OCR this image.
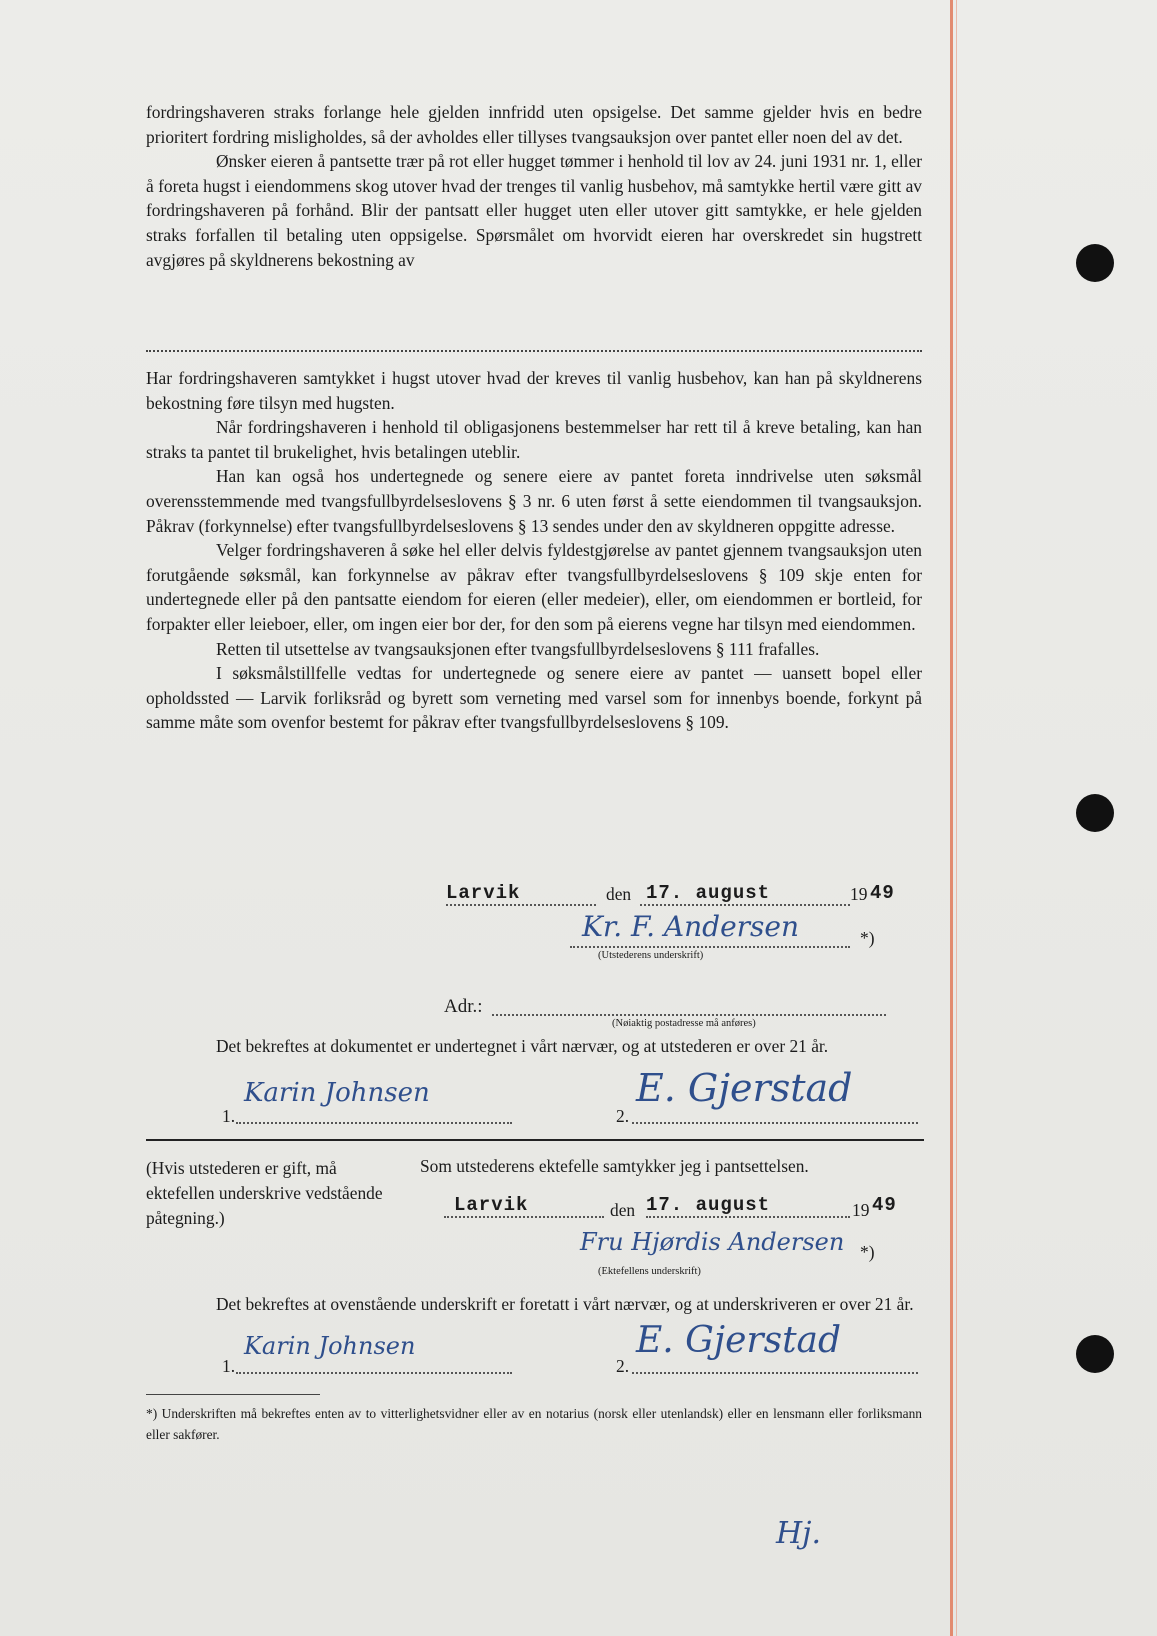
fordringshaveren straks forlange hele gjelden innfridd uten opsigelse. Det samme gjelder hvis en bedre prioritert fordring misligholdes, så der avholdes eller tillyses tvangsauksjon over pantet eller noen del av det.

Ønsker eieren å pantsette trær på rot eller hugget tømmer i henhold til lov av 24. juni 1931 nr. 1, eller å foreta hugst i eiendommens skog utover hvad der trenges til vanlig husbehov, må samtykke hertil være gitt av fordringshaveren på forhånd. Blir der pantsatt eller hugget uten eller utover gitt samtykke, er hele gjelden straks forfallen til betaling uten oppsigelse. Spørsmålet om hvorvidt eieren har overskredet sin hugstrett avgjøres på skyldnerens bekostning av

Har fordringshaveren samtykket i hugst utover hvad der kreves til vanlig husbehov, kan han på skyldnerens bekostning føre tilsyn med hugsten.

Når fordringshaveren i henhold til obligasjonens bestemmelser har rett til å kreve betaling, kan han straks ta pantet til brukelighet, hvis betalingen uteblir.

Han kan også hos undertegnede og senere eiere av pantet foreta inndrivelse uten søksmål overensstemmende med tvangsfullbyrdelseslovens § 3 nr. 6 uten først å sette eiendommen til tvangsauksjon. Påkrav (forkynnelse) efter tvangsfullbyrdelseslovens § 13 sendes under den av skyldneren oppgitte adresse.

Velger fordringshaveren å søke hel eller delvis fyldestgjørelse av pantet gjennem tvangsauksjon uten forutgående søksmål, kan forkynnelse av påkrav efter tvangsfullbyrdelseslovens § 109 skje enten for undertegnede eller på den pantsatte eiendom for eieren (eller medeier), eller, om eiendommen er bortleid, for forpakter eller leieboer, eller, om ingen eier bor der, for den som på eierens vegne har tilsyn med eiendommen.

Retten til utsettelse av tvangsauksjonen efter tvangsfullbyrdelseslovens § 111 frafalles.

I søksmålstillfelle vedtas for undertegnede og senere eiere av pantet — uansett bopel eller opholdssted — Larvik forliksråd og byrett som verneting med varsel som for innenbys boende, forkynt på samme måte som ovenfor bestemt for påkrav efter tvangsfullbyrdelseslovens § 109.

Larvik	den 17. august	19 49
Kr. F. Andersen	*)
(Utstederens underskrift)
Adr.:
(Nøiaktig postadresse må anføres)

Det bekreftes at dokumentet er undertegnet i vårt nærvær, og at utstederen er over 21 år.

1.
Karin Johnsen
2.
E. Gjerstad
(Hvis utstederen er gift, må ektefellen underskrive vedstående påtegning.)
Som utstederens ektefelle samtykker jeg i pantsettelsen.
Larvik	den 17. august	19 49
Fru Hjørdis Andersen *)
(Ektefellens underskrift)

Det bekreftes at ovenstående underskrift er foretatt i vårt nærvær, og at underskriveren er over 21 år.

1.
Karin Johnsen
2.
E. Gjerstad

*) Underskriften må bekreftes enten av to vitterlighetsvidner eller av en notarius (norsk eller utenlandsk) eller en lensmann eller forliksmann eller sakfører.

Hj.
